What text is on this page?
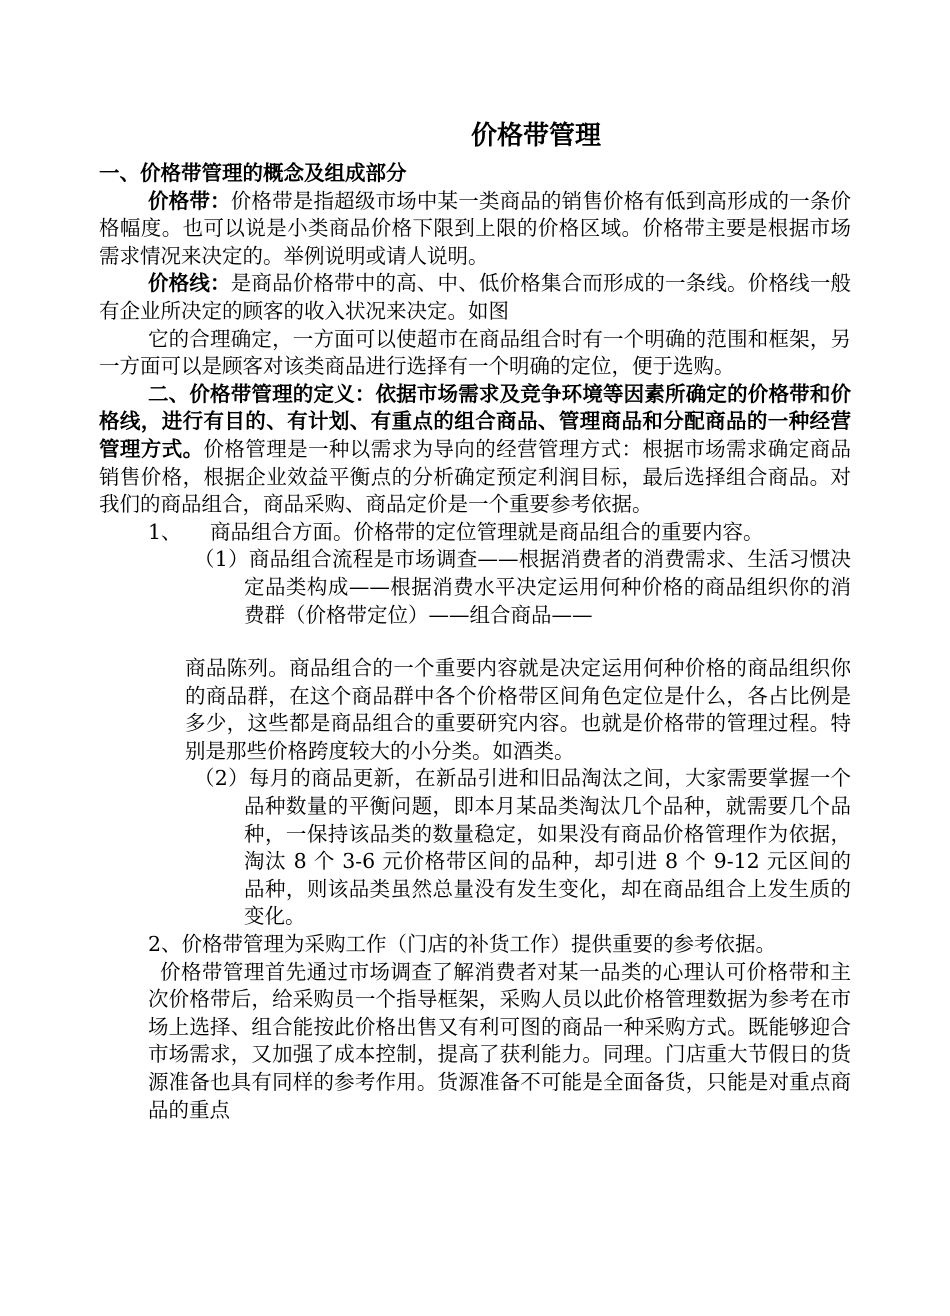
价格带管理

一、价格带管理的概念及组成部分

价格带：价格带是指超级市场中某一类商品的销售价格有低到高形成的一条价格幅度。也可以说是小类商品价格下限到上限的价格区域。价格带主要是根据市场需求情况来决定的。举例说明或请人说明。

价格线：是商品价格带中的高、中、低价格集合而形成的一条线。价格线一般有企业所决定的顾客的收入状况来决定。如图

它的合理确定，一方面可以使超市在商品组合时有一个明确的范围和框架，另一方面可以是顾客对该类商品进行选择有一个明确的定位，便于选购。

二、价格带管理的定义：依据市场需求及竞争环境等因素所确定的价格带和价格线，进行有目的、有计划、有重点的组合商品、管理商品和分配商品的一种经营管理方式。价格管理是一种以需求为导向的经营管理方式：根据市场需求确定商品销售价格，根据企业效益平衡点的分析确定预定利润目标，最后选择组合商品。对我们的商品组合，商品采购、商品定价是一个重要参考依据。

1、 商品组合方面。价格带的定位管理就是商品组合的重要内容。

（1）商品组合流程是市场调查——根据消费者的消费需求、生活习惯决定品类构成——根据消费水平决定运用何种价格的商品组织你的消费群（价格带定位）——组合商品——

商品陈列。商品组合的一个重要内容就是决定运用何种价格的商品组织你的商品群，在这个商品群中各个价格带区间角色定位是什么，各占比例是多少，这些都是商品组合的重要研究内容。也就是价格带的管理过程。特别是那些价格跨度较大的小分类。如酒类。

（2）每月的商品更新，在新品引进和旧品淘汰之间，大家需要掌握一个品种数量的平衡问题，即本月某品类淘汰几个品种，就需要几个品种，一保持该品类的数量稳定，如果没有商品价格管理作为依据，淘汰 8 个 3-6 元价格带区间的品种，却引进 8 个 9-12 元区间的品种，则该品类虽然总量没有发生变化，却在商品组合上发生质的变化。

2、价格带管理为采购工作（门店的补货工作）提供重要的参考依据。

价格带管理首先通过市场调查了解消费者对某一品类的心理认可价格带和主次价格带后，给采购员一个指导框架，采购人员以此价格管理数据为参考在市场上选择、组合能按此价格出售又有利可图的商品一种采购方式。既能够迎合市场需求，又加强了成本控制，提高了获利能力。同理。门店重大节假日的货源准备也具有同样的参考作用。货源准备不可能是全面备货，只能是对重点商品的重点
